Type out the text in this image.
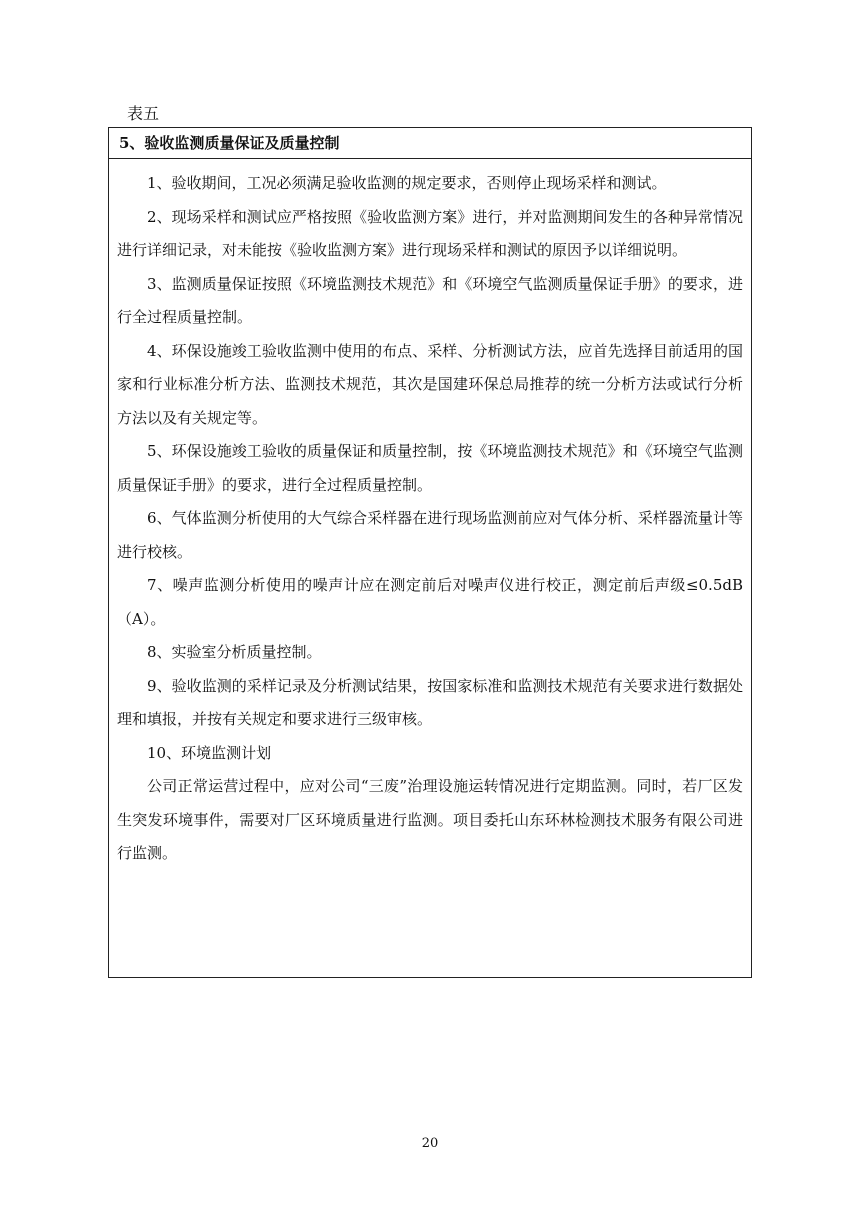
表五
5、验收监测质量保证及质量控制

1、验收期间，工况必须满足验收监测的规定要求，否则停止现场采样和测试。

2、现场采样和测试应严格按照《验收监测方案》进行，并对监测期间发生的各种异常情况进行详细记录，对未能按《验收监测方案》进行现场采样和测试的原因予以详细说明。

3、监测质量保证按照《环境监测技术规范》和《环境空气监测质量保证手册》的要求，进行全过程质量控制。

4、环保设施竣工验收监测中使用的布点、采样、分析测试方法，应首先选择目前适用的国家和行业标准分析方法、监测技术规范，其次是国建环保总局推荐的统一分析方法或试行分析方法以及有关规定等。

5、环保设施竣工验收的质量保证和质量控制，按《环境监测技术规范》和《环境空气监测质量保证手册》的要求，进行全过程质量控制。

6、气体监测分析使用的大气综合采样器在进行现场监测前应对气体分析、采样器流量计等进行校核。

7、噪声监测分析使用的噪声计应在测定前后对噪声仪进行校正，测定前后声级≤0.5dB（A）。

8、实验室分析质量控制。

9、验收监测的采样记录及分析测试结果，按国家标准和监测技术规范有关要求进行数据处理和填报，并按有关规定和要求进行三级审核。

10、环境监测计划

公司正常运营过程中，应对公司“三废”治理设施运转情况进行定期监测。同时，若厂区发生突发环境事件，需要对厂区环境质量进行监测。项目委托山东环林检测技术服务有限公司进行监测。

20
